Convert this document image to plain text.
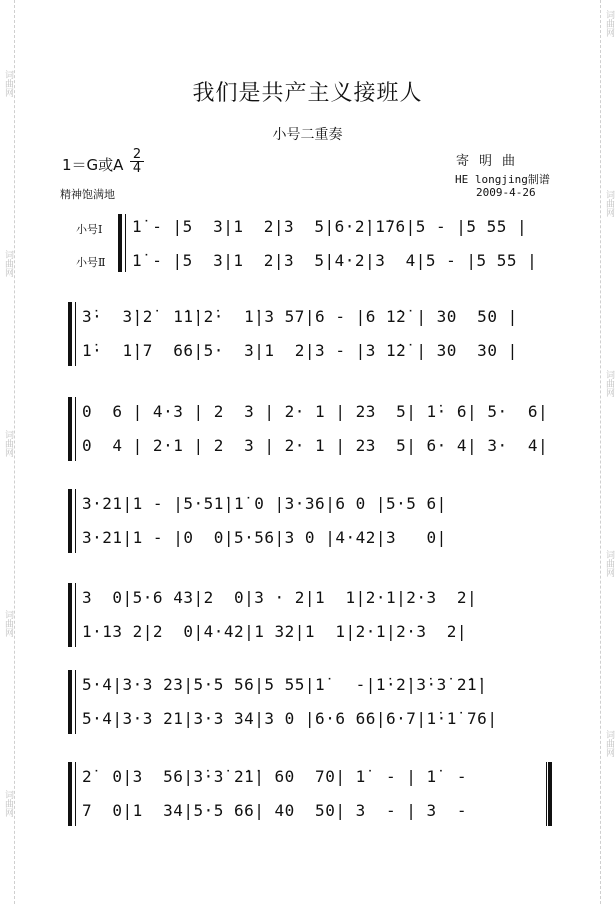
词曲网
词曲网
词曲网
词曲网
词曲网
词曲网
词曲网
词曲网
词曲网
词曲网
我们是共产主义接班人
小号二重奏
1＝G或A
2
4
精神饱满地
寄明曲
HE longjing制谱
2009-4-26
小号Ⅰ
小号Ⅱ
1̇ - |5  3|1  2|3  5|6·2̇|1̇76|5 - |5 55 |
1̇ - |5  3|1  2|3  5|4·2|3  4|5 - |5 55 |
3̇·  3̇|2̇  1̇1̇|2̇·  1̇|3 57|6 - |6 1̇2̇ | 30  50 |
1̇·  1̇|7  66|5·  3|1  2|3 - |3 1̇2̇ | 30  30 |
0  6 | 4·3 | 2  3 | 2· 1 | 23  5| 1̇· 6| 5·  6|
0  4 | 2·1 | 2  3 | 2· 1 | 23  5| 6· 4| 3·  4|
3·21|1 - |5·51̇|1̇ 0 |3·36|6 0 |5·5 6|
3·21|1 - |0  0|5·56|3 0 |4·42|3   0|
3  0|5·6 43|2  0|3 · 2|1  1|2·1|2·3  2|
1·13 2|2  0|4·42|1 32|1  1|2·1|2·3  2|
5·4|3·3 23|5·5 56|5 55|1̇   -|1̇·2̇|3̇·3̇ 2̇1̇|
5·4|3·3 21|3·3 34|3 0 |6·6 66|6·7|1̇·1̇ 76|
2̇  0|3  56|3̇·3̇ 2̇1̇| 60  70| 1̇  - | 1̇  -
7  0|1  34|5·5 66| 40  50| 3  - | 3  -
